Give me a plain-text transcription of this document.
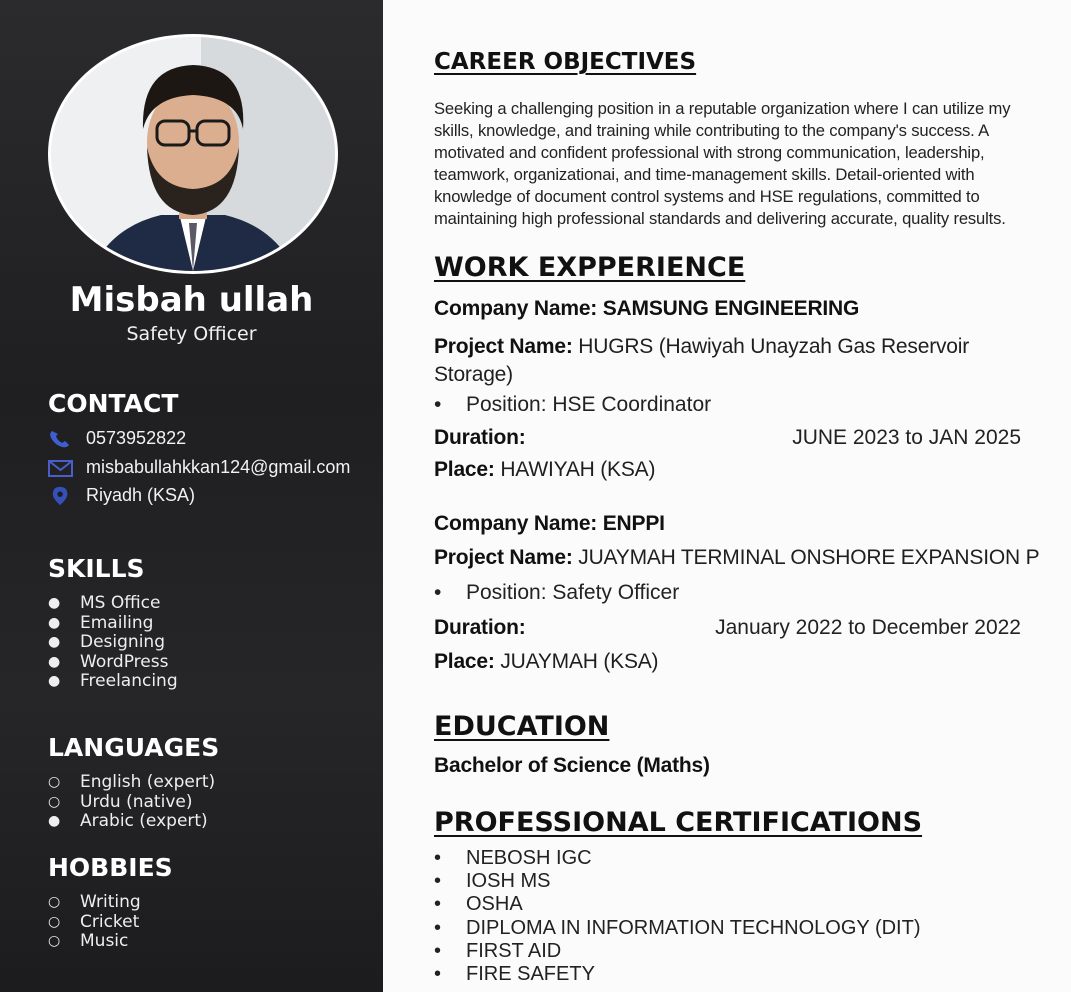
Misbah ullah
Safety Officer
CONTACT
0573952822
misbabullahkkan124@gmail.com
Riyadh (KSA)
SKILLS
●	MS Office
●	Emailing
●	Designing
●	WordPress
●	Freelancing
LANGUAGES
○	English (expert)
○	Urdu (native)
●	Arabic (expert)
HOBBIES
○	Writing
○	Cricket
○	Music
CAREER OBJECTIVES
Seeking a challenging position in a reputable organization where I can utilize my
skills, knowledge, and training while contributing to the company's success. A
motivated and confident professional with strong communication, leadership,
teamwork, organizationai, and time-management skills. Detail-oriented with
knowledge of document control systems and HSE regulations, committed to
maintaining high professional standards and delivering accurate, quality results.
WORK EXPPERIENCE
Company Name: SAMSUNG ENGINEERING
Project Name: HUGRS (Hawiyah Unayzah Gas Reservoir
Storage)
•	Position: HSE Coordinator
Duration:	JUNE 2023 to JAN 2025
Place: HAWIYAH (KSA)
Company Name: ENPPI
Project Name: JUAYMAH TERMINAL ONSHORE EXPANSION P
•	Position: Safety Officer
Duration:	January 2022 to December 2022
Place: JUAYMAH (KSA)
EDUCATION
Bachelor of Science (Maths)
PROFESSIONAL CERTIFICATIONS
•	NEBOSH IGC
•	IOSH MS
•	OSHA
•	DIPLOMA IN INFORMATION TECHNOLOGY (DIT)
•	FIRST AID
•	FIRE SAFETY
